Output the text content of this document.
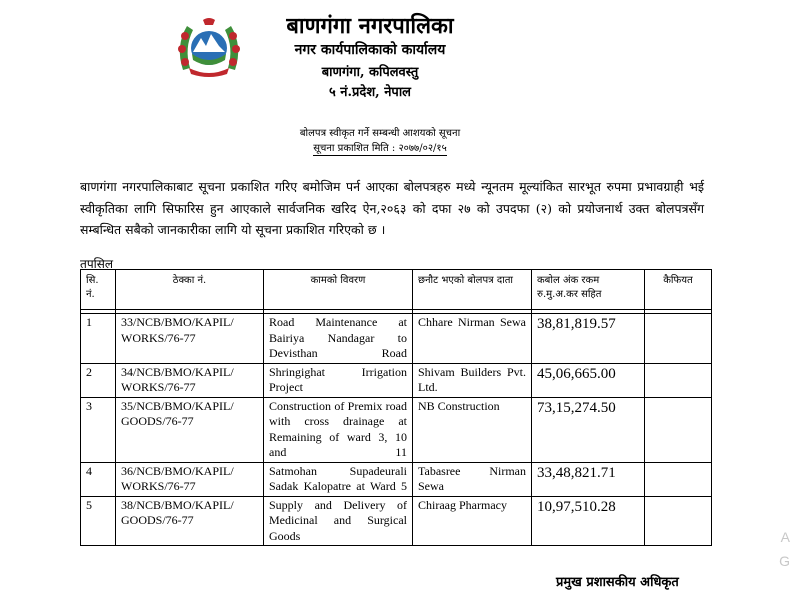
बाणगंगा नगरपालिका
नगर कार्यपालिकाको कार्यालय
बाणगंगा, कपिलवस्तु
५ नं.प्रदेश, नेपाल
बोलपत्र स्वीकृत गर्ने सम्बन्धी आशयको सूचना
सूचना प्रकाशित मिति : २०७७/०२/१५
बाणगंगा नगरपालिकाबाट सूचना प्रकाशित गरिए बमोजिम पर्न आएका बोलपत्रहरु मध्ये न्यूनतम मूल्यांकित सारभूत रुपमा प्रभावग्राही भई स्वीकृतिका लागि सिफारिस हुन आएकाले सार्वजनिक खरिद ऐन,२०६३ को दफा २७ को उपदफा (२) को प्रयोजनार्थ उक्त बोलपत्रसँग सम्बन्धित सबैको जानकारीका लागि यो सूचना प्रकाशित गरिएको छ ।
तपसिल
सि. नं.	ठेक्का नं.	कामको विवरण	छनौट भएको बोलपत्र दाता	कबोल अंक रकम रु.मु.अ.कर सहित	कैफियत

1	33/NCB/BMO/KAPIL/ WORKS/76-77	Road Maintenance at Bairiya Nandagar to Devisthan Road	Chhare Nirman Sewa	38,81,819.57	
2	34/NCB/BMO/KAPIL/ WORKS/76-77	Shringighat Irrigation Project	Shivam Builders Pvt. Ltd.	45,06,665.00	
3	35/NCB/BMO/KAPIL/ GOODS/76-77	Construction of Premix road with cross drainage at Remaining of ward 3, 10 and 11	NB Construction	73,15,274.50	
4	36/NCB/BMO/KAPIL/ WORKS/76-77	Satmohan Supadeurali Sadak Kalopatre at Ward 5	Tabasree Nirman Sewa	33,48,821.71	
5	38/NCB/BMO/KAPIL/ GOODS/76-77	Supply and Delivery of Medicinal and Surgical Goods	Chiraag Pharmacy	10,97,510.28	
प्रमुख प्रशासकीय अधिकृत
A
G
